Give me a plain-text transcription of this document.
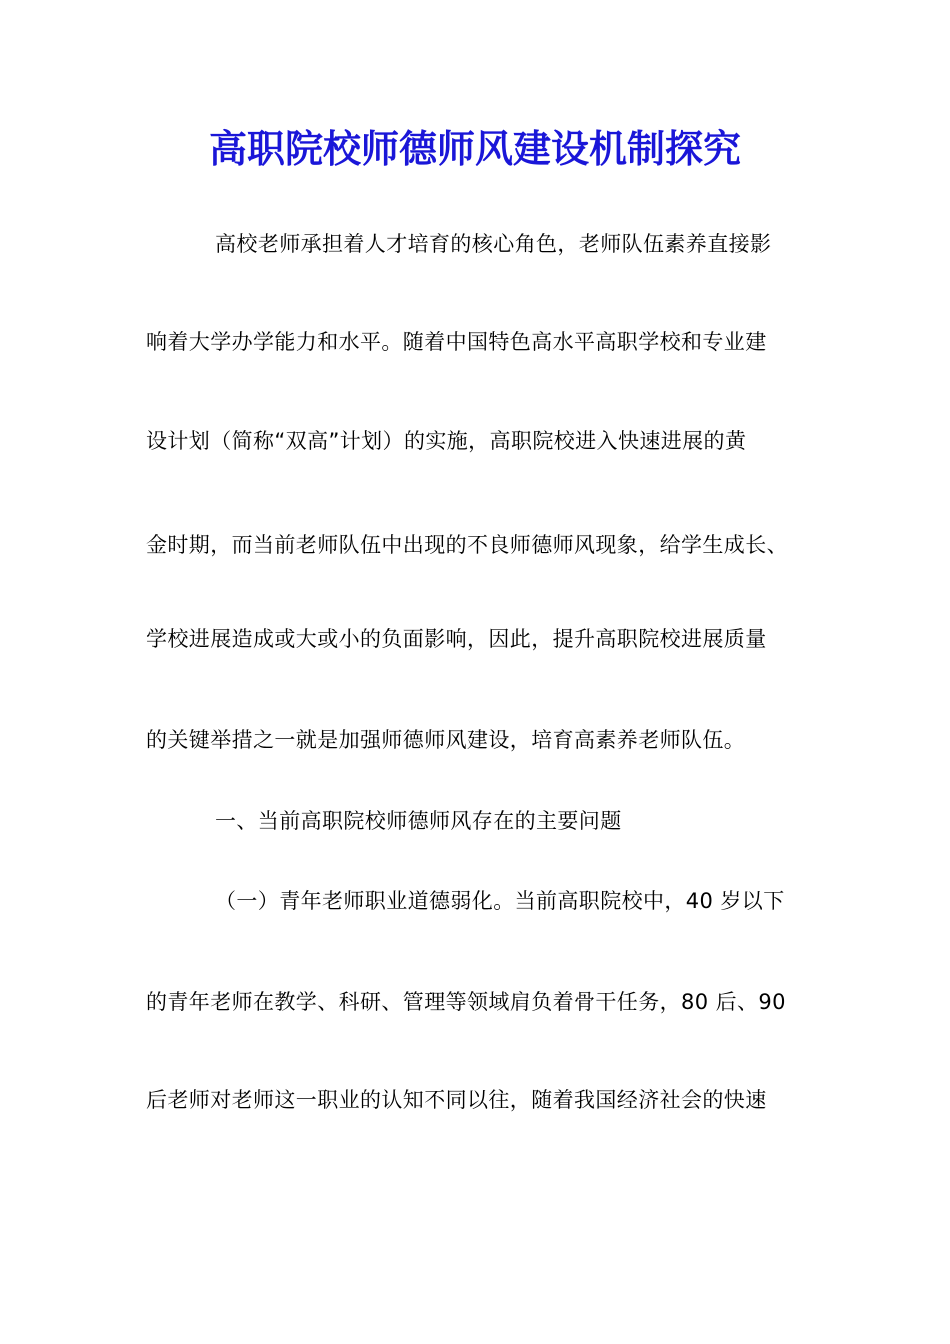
高职院校师德师风建设机制探究
高校老师承担着人才培育的核心角色，老师队伍素养直接影
响着大学办学能力和水平。随着中国特色高水平高职学校和专业建
设计划（简称“双高”计划）的实施，高职院校进入快速进展的黄
金时期，而当前老师队伍中出现的不良师德师风现象，给学生成长、
学校进展造成或大或小的负面影响，因此，提升高职院校进展质量
的关键举措之一就是加强师德师风建设，培育高素养老师队伍。
一、当前高职院校师德师风存在的主要问题
（一）青年老师职业道德弱化。当前高职院校中，40 岁以下
的青年老师在教学、科研、管理等领域肩负着骨干任务，80 后、90
后老师对老师这一职业的认知不同以往，随着我国经济社会的快速
